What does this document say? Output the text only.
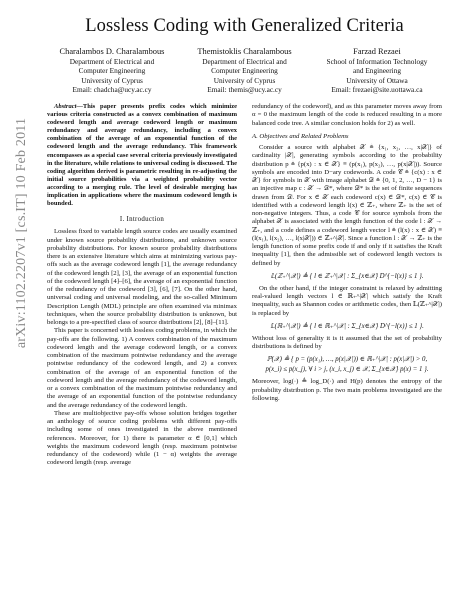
arXiv:1102.2207v1 [cs.IT] 10 Feb 2011
Lossless Coding with Generalized Criteria
Charalambos D. Charalambous
Department of Electrical and
Computer Engineering
University of Cyprus
Email: chadcha@ucy.ac.cy
Themistoklis Charalambous
Department of Electrical and
Computer Engineering
University of Cyprus
Email: themis@ucy.ac.cy
Farzad Rezaei
School of Information Technology
and Engineering
University of Ottawa
Email: frezaei@site.uottawa.ca
Abstract—This paper presents prefix codes which minimize various criteria constructed as a convex combination of maximum codeword length and average codeword length or maximum redundancy and average redundancy, including a convex combination of the average of an exponential function of the codeword length and the average redundancy. This framework encompasses as a special case several criteria previously investigated in the literature, while relations to universal coding is discussed. The coding algorithm derived is parametric resulting in re-adjusting the initial source probabilities via a weighted probability vector according to a merging rule. The level of desirable merging has implication in applications where the maximum codeword length is bounded.
I. Introduction

Lossless fixed to variable length source codes are usually examined under known source probability distributions, and unknown source probability distributions. For known source probability distributions there is an extensive literature which aims at minimizing various pay-offs such as the average codeword length [1], the average redundancy of the codeword length [2], [3], the average of an exponential function of the codeword length [4]–[6], the average of an exponential function of the redundancy of the codeword [3], [6], [7]. On the other hand, universal coding and universal modeling, and the so-called Minimum Description Length (MDL) principle are often examined via minimax techniques, when the source probability distribution is unknown, but belongs to a pre-specified class of source distributions [2], [8]–[11].

This paper is concerned with lossless coding problems, in which the pay-offs are the following. 1) A convex combination of the maximum codeword length and the average codeword length, or a convex combination of the maximum pointwise redundancy and the average pointwise redundancy of the codeword length, and 2) a convex combination of the average of an exponential function of the codeword length and the average redundancy of the codeword length, or a convex combination of the maximum pointwise redundancy and the average of an exponential function of the pointwise redundancy and the average redundancy of the codeword length.

These are multiobjective pay-offs whose solution bridges together an anthology of source coding problems with different pay-offs including some of ones investigated in the above mentioned references. Moreover, for 1) there is parameter α ∈ [0,1] which weights the maximum codeword length (resp. maximum pointwise redundancy of the codeword) while (1 − α) weights the average codeword length (resp. average

redundancy of the codeword), and as this parameter moves away from α = 0 the maximum length of the code is reduced resulting in a more balanced code tree. A similar conclusion holds for 2) as well.

A. Objectives and Related Problems

Consider a source with alphabet 𝒳 ≜ {x₁, x₂, …, x|𝒳|} of cardinality |𝒳|, generating symbols according to the probability distribution p ≜ {p(x) : x ∈ 𝒳} ≡ (p(x₁), p(x₂), …, p(x|𝒳|)). Source symbols are encoded into D−ary codewords. A code 𝒞 ≜ {c(x) : x ∈ 𝒳} for symbols in 𝒳 with image alphabet 𝒟 ≜ {0, 1, 2, …, D − 1} is an injective map c : 𝒳 → 𝒟*, where 𝒟* is the set of finite sequences drawn from 𝒟. For x ∈ 𝒳 each codeword c(x) ∈ 𝒟*, c(x) ∈ 𝒞 is identified with a codeword length l(x) ∈ ℤ₊, where ℤ₊ is the set of non-negative integers. Thus, a code 𝒞 for source symbols from the alphabet 𝒳 is associated with the length function of the code l : 𝒳 → ℤ₊, and a code defines a codeword length vector l ≜ (l(x) : x ∈ 𝒳) ≡ (l(x₁), l(x₂), …, l(x|𝒳|)) ∈ ℤ₊^|𝒳|. Since a function l : 𝒳 → ℤ₊ is the length function of some prefix code if and only if it satisfies the Kraft inequality [1], then the admissible set of codeword length vectors is defined by

𝕃(ℤ₊^|𝒳|) ≜ { l ∈ ℤ₊^|𝒳| : Σ_{x∈𝒳} D^{−l(x)} ≤ 1 }.

On the other hand, if the integer constraint is relaxed by admitting real-valued length vectors l ∈ ℝ₊^|𝒳| which satisfy the Kraft inequality, such as Shannon codes or arithmetic codes, then 𝕃(ℤ₊^|𝒳|) is replaced by

𝕃(ℝ₊^|𝒳|) ≜ { l ∈ ℝ₊^|𝒳| : Σ_{x∈𝒳} D^{−l(x)} ≤ 1 }.

Without loss of generality it is it assumed that the set of probability distributions is defined by

ℙ(𝒳) ≜ { p = (p(x₁), …, p(x|𝒳|)) ∈ ℝ₊^|𝒳| : p(x|𝒳|) > 0,
p(x_i) ≤ p(x_j), ∀ i > j, (x_i, x_j) ∈ 𝒳, Σ_{x∈𝒳} p(x) = 1 }.

Moreover, log(·) ≜ log_D(·) and H(p) denotes the entropy of the probability distribution p. The two main problems investigated are the following.
